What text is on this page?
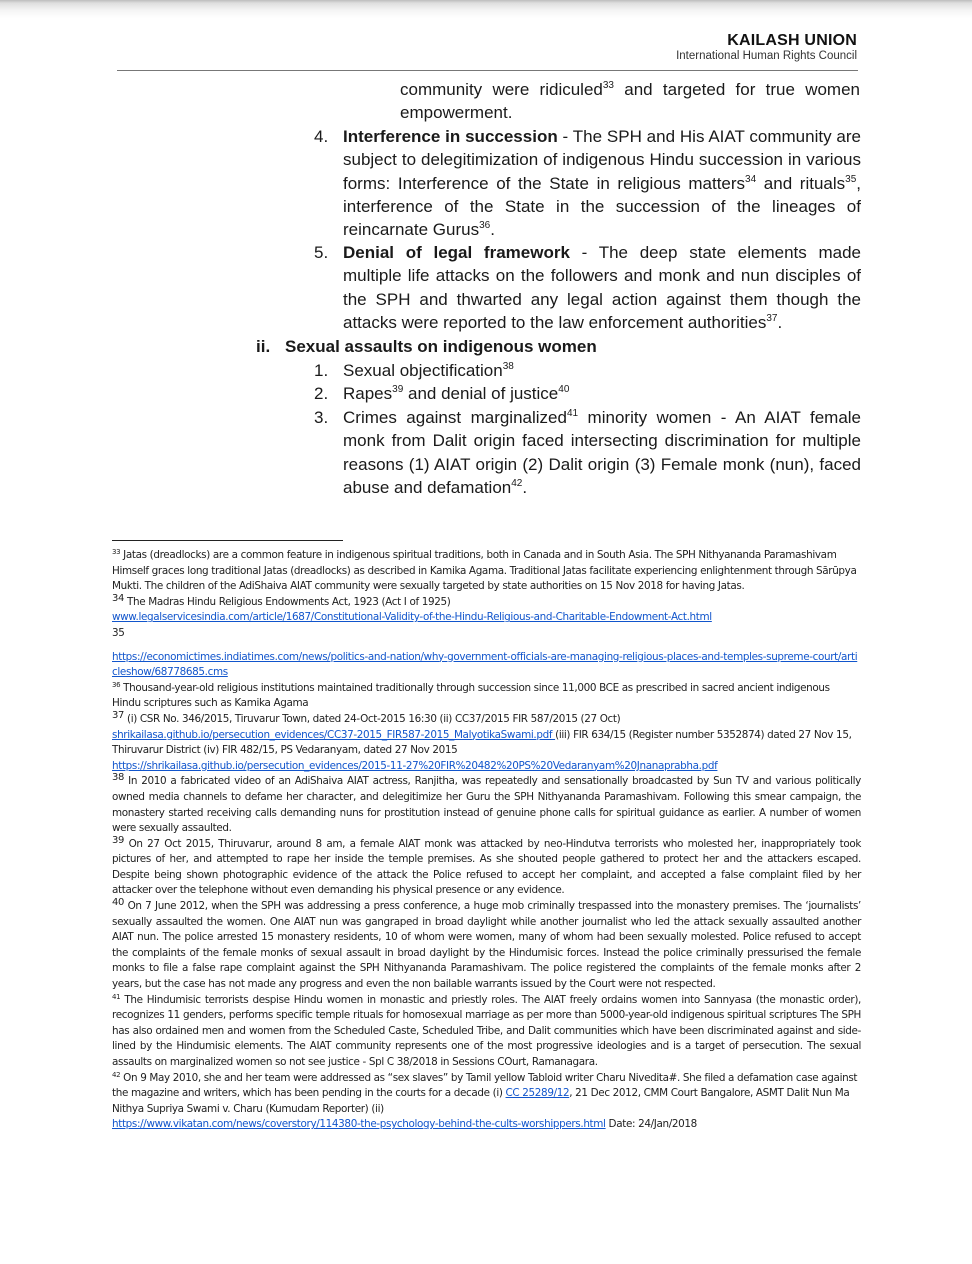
KAILASH UNION
International Human Rights Council
community were ridiculed$^{33}$ and targeted for true women empowerment.
4. Interference in succession - The SPH and His AIAT community are subject to delegitimization of indigenous Hindu succession in various forms: Interference of the State in religious matters$^{34}$ and rituals$^{35}$, interference of the State in the succession of the lineages of reincarnate Gurus$^{36}$.
5. Denial of legal framework - The deep state elements made multiple life attacks on the followers and monk and nun disciples of the SPH and thwarted any legal action against them though the attacks were reported to the law enforcement authorities$^{37}$.
ii. Sexual assaults on indigenous women
1. Sexual objectification$^{38}$
2. Rapes$^{39}$ and denial of justice$^{40}$
3. Crimes against marginalized$^{41}$ minority women - An AIAT female monk from Dalit origin faced intersecting discrimination for multiple reasons (1) AIAT origin (2) Dalit origin (3) Female monk (nun), faced abuse and defamation$^{42}$.

$^{33}$ Jatas (dreadlocks) are a common feature in indigenous spiritual traditions, both in Canada and in South Asia. The SPH Nithyananda Paramashivam Himself graces long traditional Jatas (dreadlocks) as described in Kamika Agama. Traditional Jatas facilitate experiencing enlightenment through Sārūpya Mukti. The children of the AdiShaiva AIAT community were sexually targeted by state authorities on 15 Nov 2018 for having Jatas.

$^{34}$ The Madras Hindu Religious Endowments Act, 1923 (Act I of 1925)
www.legalservicesindia.com/article/1687/Constitutional-Validity-of-the-Hindu-Religious-and-Charitable-Endowment-Act.html

35

https://economictimes.indiatimes.com/news/politics-and-nation/why-government-officials-are-managing-religious-places-and-temples-supreme-court/articleshow/68778685.cms

$^{36}$ Thousand-year-old religious institutions maintained traditionally through succession since 11,000 BCE as prescribed in sacred ancient indigenous Hindu scriptures such as Kamika Agama

$^{37}$ (i) CSR No. 346/2015, Tiruvarur Town, dated 24-Oct-2015 16:30 (ii) CC37/2015 FIR 587/2015 (27 Oct)
shrikailasa.github.io/persecution_evidences/CC37-2015_FIR587-2015_MalyotikaSwami.pdf (iii) FIR 634/15 (Register number 5352874) dated 27 Nov 15, Thiruvarur District (iv) FIR 482/15, PS Vedaranyam, dated 27 Nov 2015
https://shrikailasa.github.io/persecution_evidences/2015-11-27%20FIR%20482%20PS%20Vedaranyam%20Jnanaprabha.pdf

$^{38}$ In 2010 a fabricated video of an AdiShaiva AIAT actress, Ranjitha, was repeatedly and sensationally broadcasted by Sun TV and various politically owned media channels to defame her character, and delegitimize her Guru the SPH Nithyananda Paramashivam. Following this smear campaign, the monastery started receiving calls demanding nuns for prostitution instead of genuine phone calls for spiritual guidance as earlier. A number of women were sexually assaulted.

$^{39}$ On 27 Oct 2015, Thiruvarur, around 8 am, a female AIAT monk was attacked by neo-Hindutva terrorists who molested her, inappropriately took pictures of her, and attempted to rape her inside the temple premises. As she shouted people gathered to protect her and the attackers escaped. Despite being shown photographic evidence of the attack the Police refused to accept her complaint, and accepted a false complaint filed by her attacker over the telephone without even demanding his physical presence or any evidence.

$^{40}$ On 7 June 2012, when the SPH was addressing a press conference, a huge mob criminally trespassed into the monastery premises. The ‘journalists’ sexually assaulted the women. One AIAT nun was gangraped in broad daylight while another journalist who led the attack sexually assaulted another AIAT nun. The police arrested 15 monastery residents, 10 of whom were women, many of whom had been sexually molested. Police refused to accept the complaints of the female monks of sexual assault in broad daylight by the Hindumisic forces. Instead the police criminally pressurised the female monks to file a false rape complaint against the SPH Nithyananda Paramashivam. The police registered the complaints of the female monks after 2 years, but the case has not made any progress and even the non bailable warrants issued by the Court were not respected.

$^{41}$ The Hindumisic terrorists despise Hindu women in monastic and priestly roles. The AIAT freely ordains women into Sannyasa (the monastic order), recognizes 11 genders, performs specific temple rituals for homosexual marriage as per more than 5000-year-old indigenous spiritual scriptures The SPH has also ordained men and women from the Scheduled Caste, Scheduled Tribe, and Dalit communities which have been discriminated against and side-lined by the Hindumisic elements. The AIAT community represents one of the most progressive ideologies and is a target of persecution. The sexual assaults on marginalized women so not see justice - Spl C 38/2018 in Sessions COurt, Ramanagara.

$^{42}$ On 9 May 2010, she and her team were addressed as “sex slaves” by Tamil yellow Tabloid writer Charu Nivedita#. She filed a defamation case against the magazine and writers, which has been pending in the courts for a decade (i) CC 25289/12, 21 Dec 2012, CMM Court Bangalore, ASMT Dalit Nun Ma Nithya Supriya Swami v. Charu (Kumudam Reporter) (ii)
https://www.vikatan.com/news/coverstory/114380-the-psychology-behind-the-cults-worshippers.html Date: 24/Jan/2018
